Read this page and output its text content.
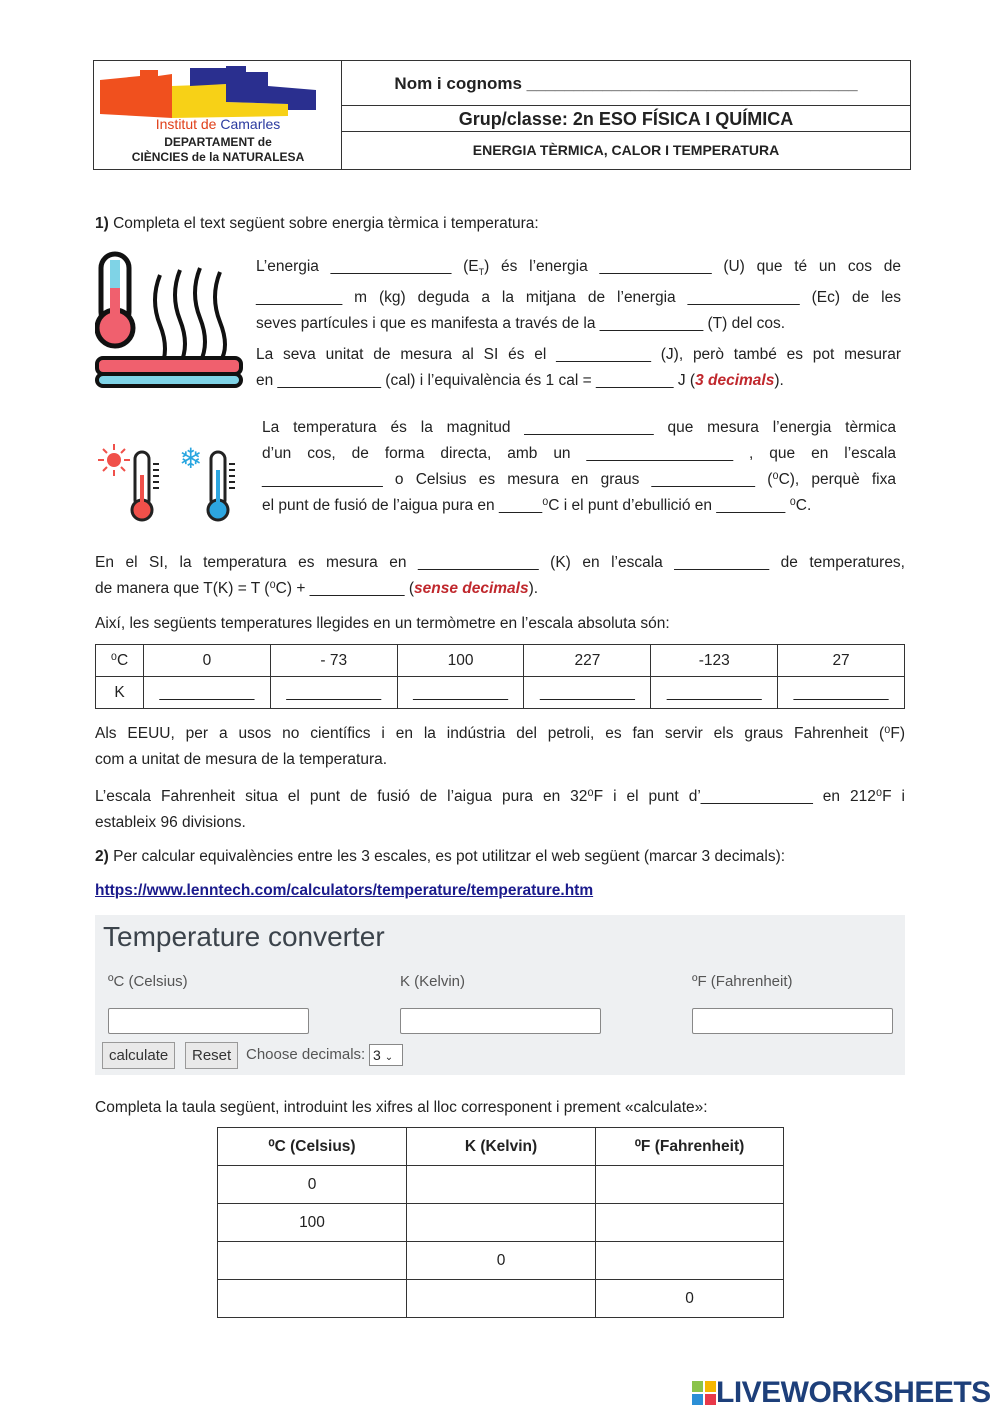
Institut de Camarles
DEPARTAMENT de
CIÈNCIES de la NATURALESA
Nom i cognoms ___________________________________
Grup/classe: 2n ESO FÍSICA I QUÍMICA
ENERGIA TÈRMICA, CALOR I TEMPERATURA
1) Completa el text següent sobre energia tèrmica i temperatura:
L’energia ______________ $(E_T)$ és l’energia _____________ (U) que té un cos de
__________ m (kg) deguda a la mitjana de l’energia _____________ (Ec) de les
seves partícules i que es manifesta a través de la ____________ (T) del cos.
La seva unitat de mesura al SI és el ___________ (J), però també es pot mesurar
en ____________ (cal) i l’equivalència és 1 cal = _________ J (3 decimals).
❄
La temperatura és la magnitud _______________ que mesura l’energia tèrmica
d’un cos, de forma directa, amb un _________________ , que en l’escala
______________ o Celsius es mesura en graus ____________ (⁰C), perquè fixa
el punt de fusió de l’aigua pura en _____⁰C i el punt d’ebullició en ________ ⁰C.
En el SI, la temperatura es mesura en ______________ (K) en l’escala ___________ de temperatures,
de manera que T(K) = T (⁰C) + ___________ (sense decimals).
Així, les següents temperatures llegides en un termòmetre en l’escala absoluta són:
⁰C	0	- 73	100	227	-123	27
K	___________	___________	___________	___________	___________	___________
Als EEUU, per a usos no científics i en la indústria del petroli, es fan servir els graus Fahrenheit (⁰F)
com a unitat de mesura de la temperatura.
L’escala Fahrenheit situa el punt de fusió de l’aigua pura en 32⁰F i el punt d’_____________ en 212⁰F i
estableix 96 divisions.
2) Per calcular equivalències entre les 3 escales, es pot utilitzar el web següent (marcar 3 decimals):
https://www.lenntech.com/calculators/temperature/temperature.htm
Temperature converter
ºC (Celsius)	K (Kelvin)	ºF (Fahrenheit)
calculate	Reset Choose decimals: 3 ⌄
Completa la taula següent, introduint les xifres al lloc corresponent i prement «calculate»:
⁰C (Celsius)	K (Kelvin)	⁰F (Fahrenheit)
0		
100		
	0	
		0
LIVEWORKSHEETS
